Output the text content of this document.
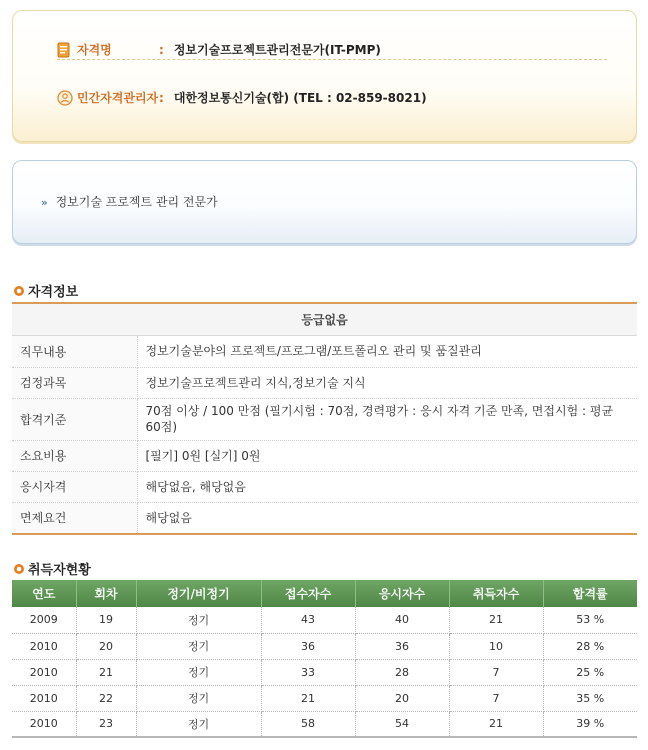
자격명	: 정보기술프로젝트관리전문가(IT-PMP)
민간자격관리자 : 대한정보통신기술(합) (TEL : 02-859-8021)
» 정보기술 프로젝트 관리 전문가
자격정보
등급없음	
직무내용	정보기술분야의 프로젝트/프로그램/포트폴리오 관리 및 품질관리
검정과목	정보기술프로젝트관리 지식,정보기술 지식
합격기준	70점 이상 / 100 만점 (필기시험 : 70점, 경력평가 : 응시 자격 기준 만족, 면접시험 : 평균 60점)
소요비용	[필기] 0원 [실기] 0원
응시자격	해당없음, 해당없음
면제요건	해당없음
취득자현황
연도	회차	정기/비정기	접수자수	응시자수	취득자수	합격률
2009	19	정기	43	40	21	53 %
2010	20	정기	36	36	10	28 %
2010	21	정기	33	28	7	25 %
2010	22	정기	21	20	7	35 %
2010	23	정기	58	54	21	39 %
